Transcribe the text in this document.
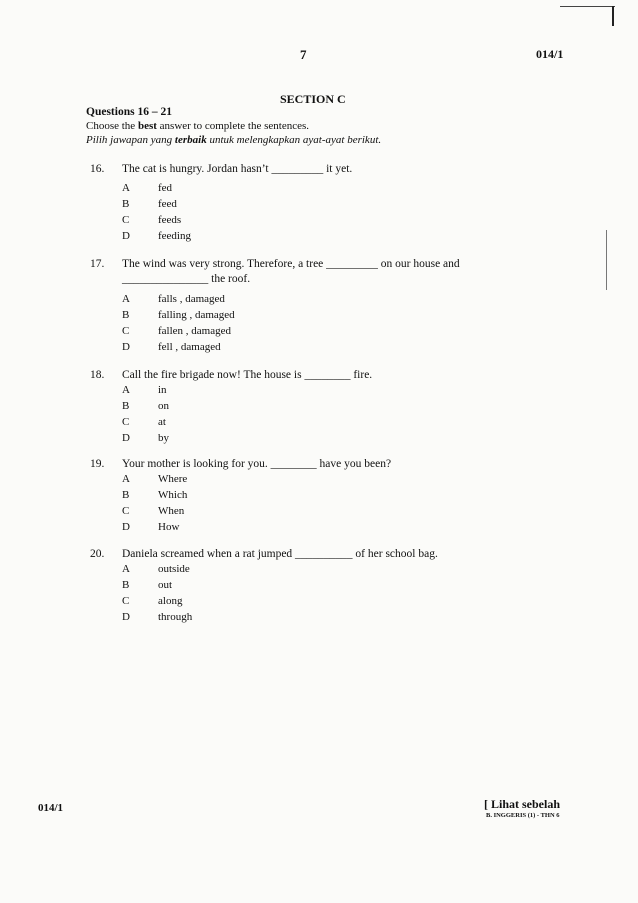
7	014/1
SECTION C
Questions 16 – 21
Choose the best answer to complete the sentences.
Pilih jawapan yang terbaik untuk melengkapkan ayat-ayat berikut.
16. The cat is hungry. Jordan hasn’t _________ it yet.
A	fed
B	feed
C	feeds
D	feeding
17. The wind was very strong. Therefore, a tree _________ on our house and
_______________ the roof.
A	falls , damaged
B	falling , damaged
C	fallen , damaged
D	fell , damaged
18. Call the fire brigade now! The house is ________ fire.
A	in
B	on
C	at
D	by
19. Your mother is looking for you. ________ have you been?
A	Where
B	Which
C	When
D	How
20. Daniela screamed when a rat jumped __________ of her school bag.
A	outside
B	out
C	along
D	through
014/1	[ Lihat sebelah
B. INGGERIS (1) - THN 6
